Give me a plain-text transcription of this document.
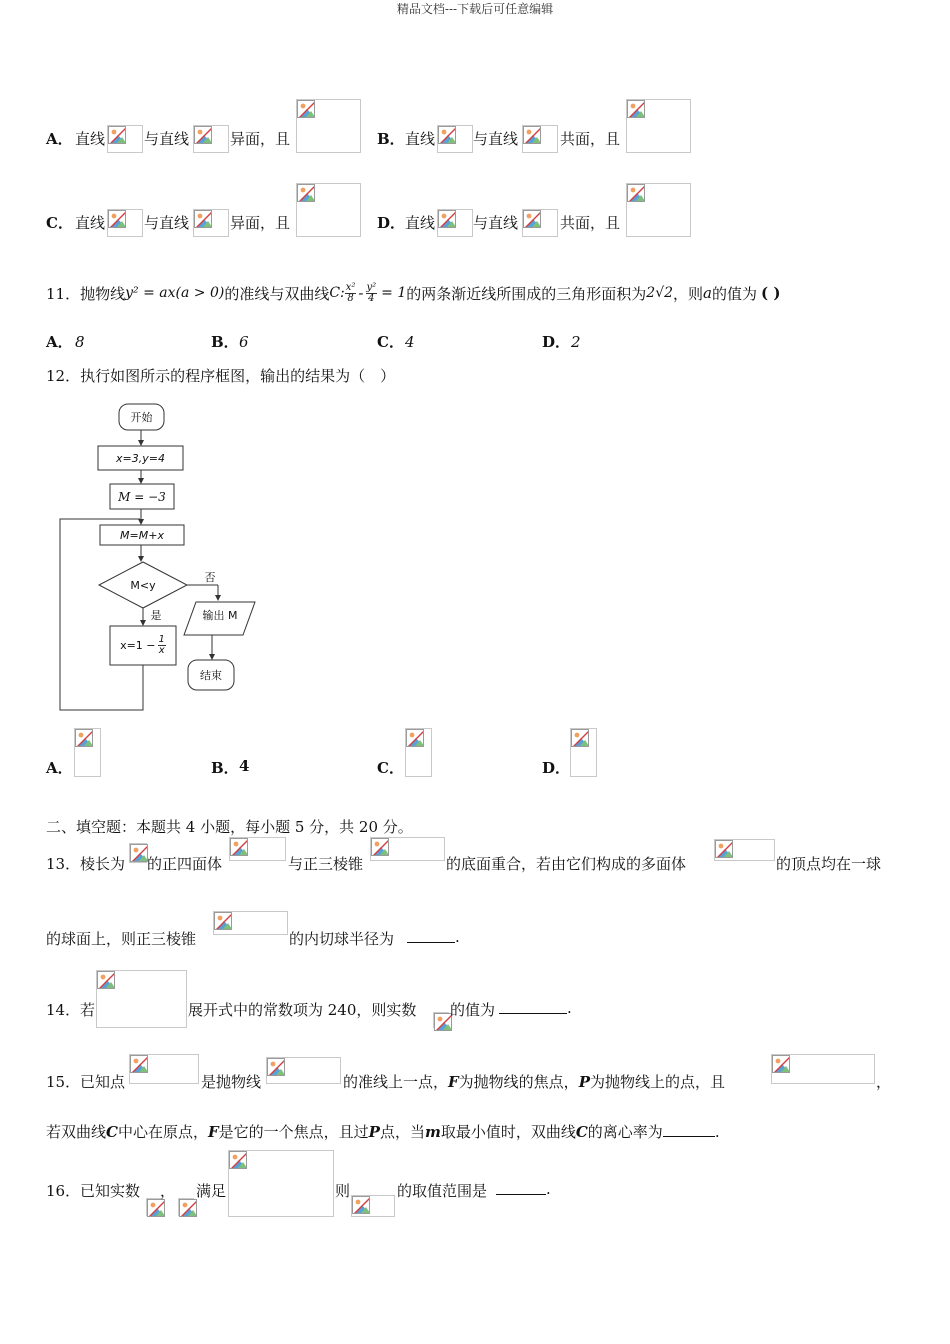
精品文档---下载后可任意编辑
A． 直线	与直线	异面，且	B． 直线	与直线	共面，且
C． 直线	与直线	异面，且	D． 直线	与直线	共面，且
11． 抛物线 y² = ax(a > 0) 的准线与双曲线 C: $\frac{\text{x²}}{8} - \frac{\text{y²}}{4} = 1$ 的两条渐近线所围成的三角形面积为 2√2 ，则 a 的值为 ( )
A． 8	B． 6	C． 4	D． 2
12．执行如图所示的程序框图，输出的结果为（　）
开始
x=3,y=4
M = −3
M=M+x
M<y
否
是	输出 M
$x=1 - \frac{1}{x}$
结束
A．	B． 4	C．	D．
二、填空题：本题共 4 小题，每小题 5 分，共 20 分。
13． 棱长为 的正四面体	与正三棱锥	的底面重合，若由它们构成的多面体	的顶点均在一球
的球面上，则正三棱锥	的内切球半径为	.
14． 若	展开式中的常数项为 240，则实数 的值为	.
15． 已知点	是抛物线	的准线上一点，F为抛物线的焦点，P为抛物线上的点，且	，
若双曲线C中心在原点，F是它的一个焦点，且过P点，当m取最小值时，双曲线C的离心率为	.
16． 已知实数 ， 满足	则	的取值范围是	.
